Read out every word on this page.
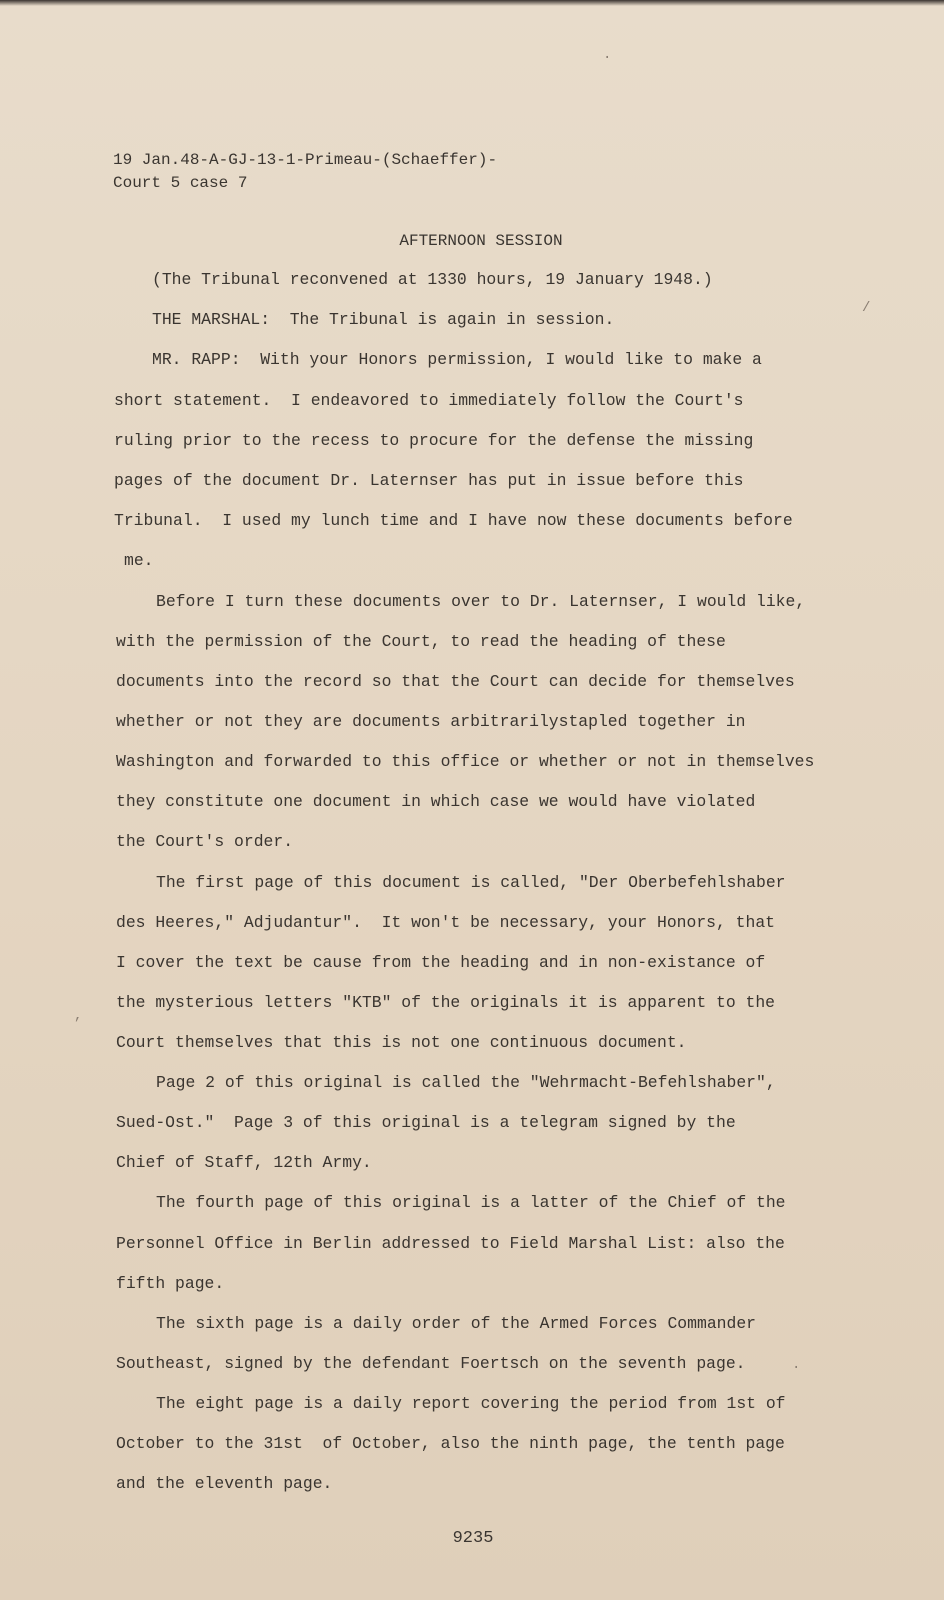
19 Jan.48-A-GJ-13-1-Primeau-(Schaeffer)-
Court 5 case 7
AFTERNOON SESSION
(The Tribunal reconvened at 1330 hours, 19 January 1948.)
THE MARSHAL:  The Tribunal is again in session.
MR. RAPP:  With your Honors permission, I would like to make a
short statement.  I endeavored to immediately follow the Court's
ruling prior to the recess to procure for the defense the missing
pages of the document Dr. Laternser has put in issue before this
Tribunal.  I used my lunch time and I have now these documents before
me.
Before I turn these documents over to Dr. Laternser, I would like,
with the permission of the Court, to read the heading of these
documents into the record so that the Court can decide for themselves
whether or not they are documents arbitrarilystapled together in
Washington and forwarded to this office or whether or not in themselves
they constitute one document in which case we would have violated
the Court's order.
The first page of this document is called, "Der Oberbefehlshaber
des Heeres," Adjudantur".  It won't be necessary, your Honors, that
I cover the text be cause from the heading and in non-existance of
the mysterious letters "KTB" of the originals it is apparent to the
Court themselves that this is not one continuous document.
Page 2 of this original is called the "Wehrmacht-Befehlshaber",
Sued-Ost."  Page 3 of this original is a telegram signed by the
Chief of Staff, 12th Army.
The fourth page of this original is a latter of the Chief of the
Personnel Office in Berlin addressed to Field Marshal List: also the
fifth page.
The sixth page is a daily order of the Armed Forces Commander
Southeast, signed by the defendant Foertsch on the seventh page.
The eight page is a daily report covering the period from 1st of
October to the 31st  of October, also the ninth page, the tenth page
and the eleventh page.
9235
·
/
,
·
